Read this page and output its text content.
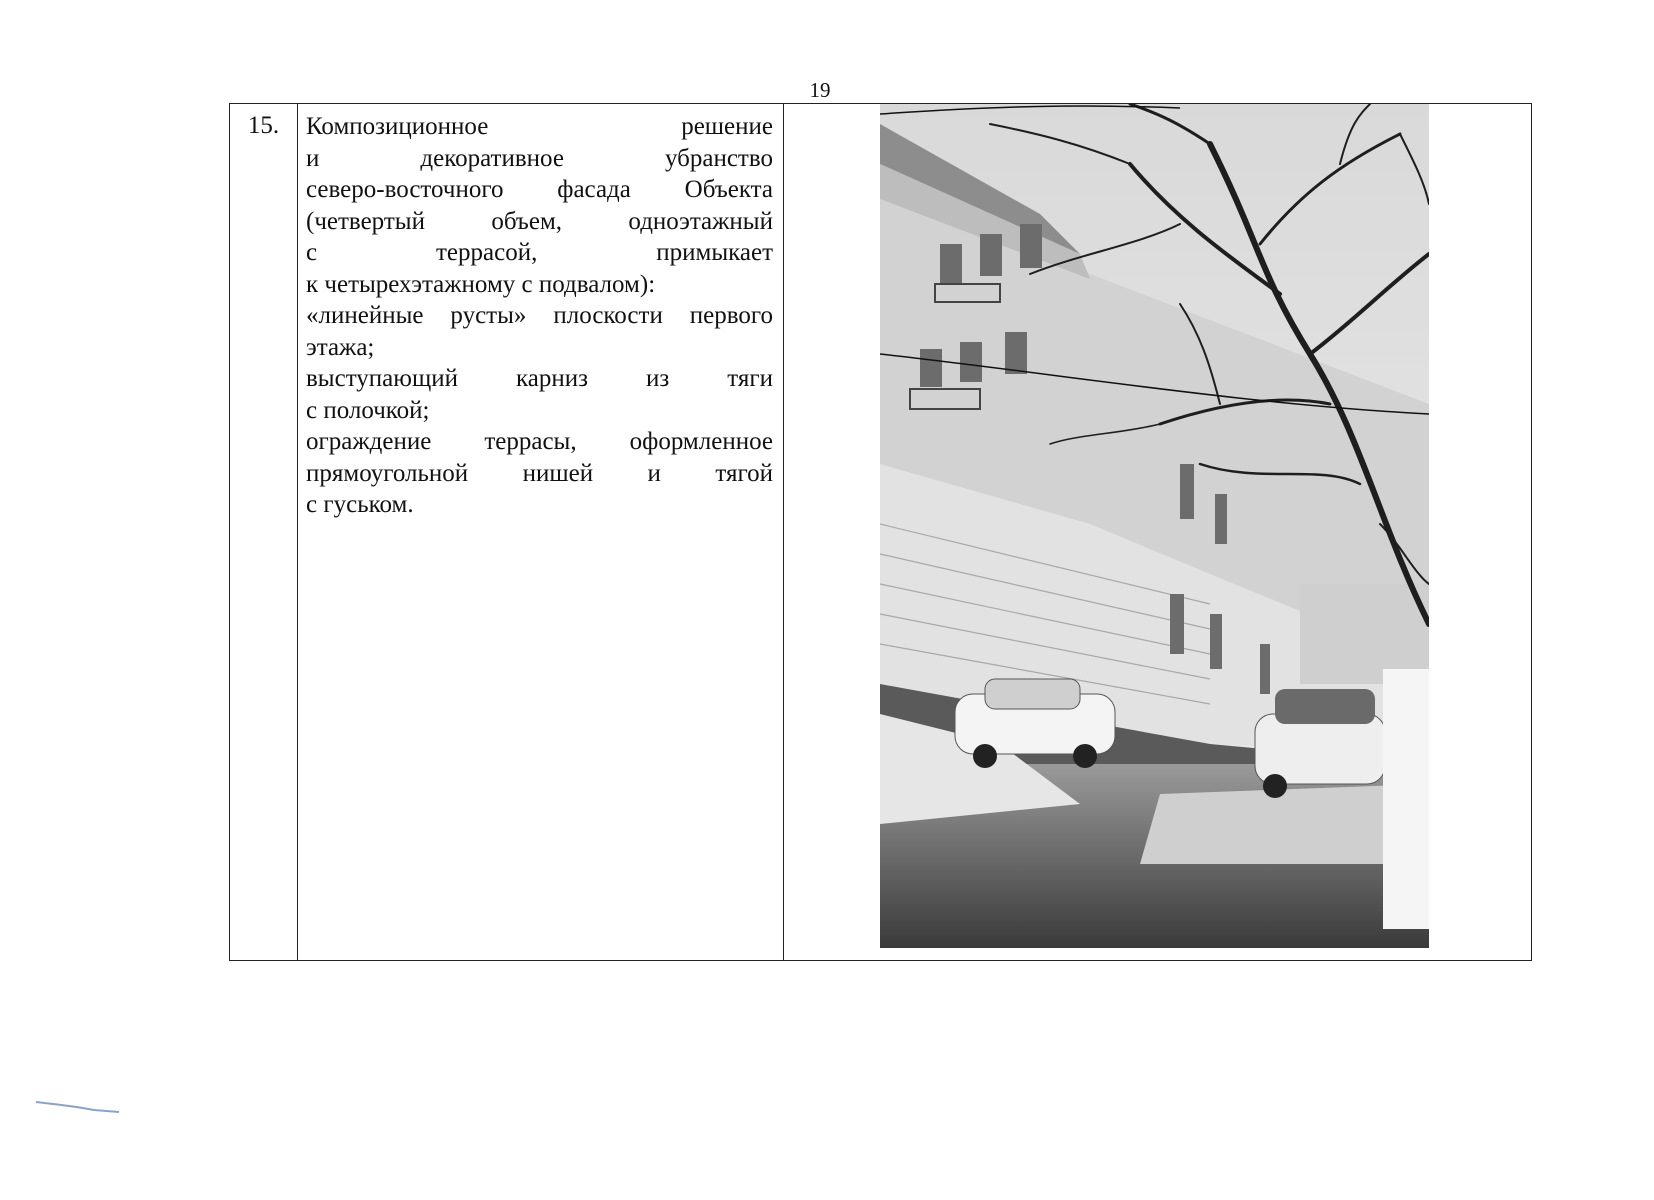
19
15.	Композиционное решение

и декоративное убранство

северо-восточного фасада Объекта

(четвертый объем, одноэтажный

с террасой, примыкает

к четырехэтажному с подвалом):

«линейные русты» плоскости первого

этажа;

выступающий карниз из тяги

с полочкой;

ограждение террасы, оформленное

прямоугольной нишей и тягой

с гуськом.
